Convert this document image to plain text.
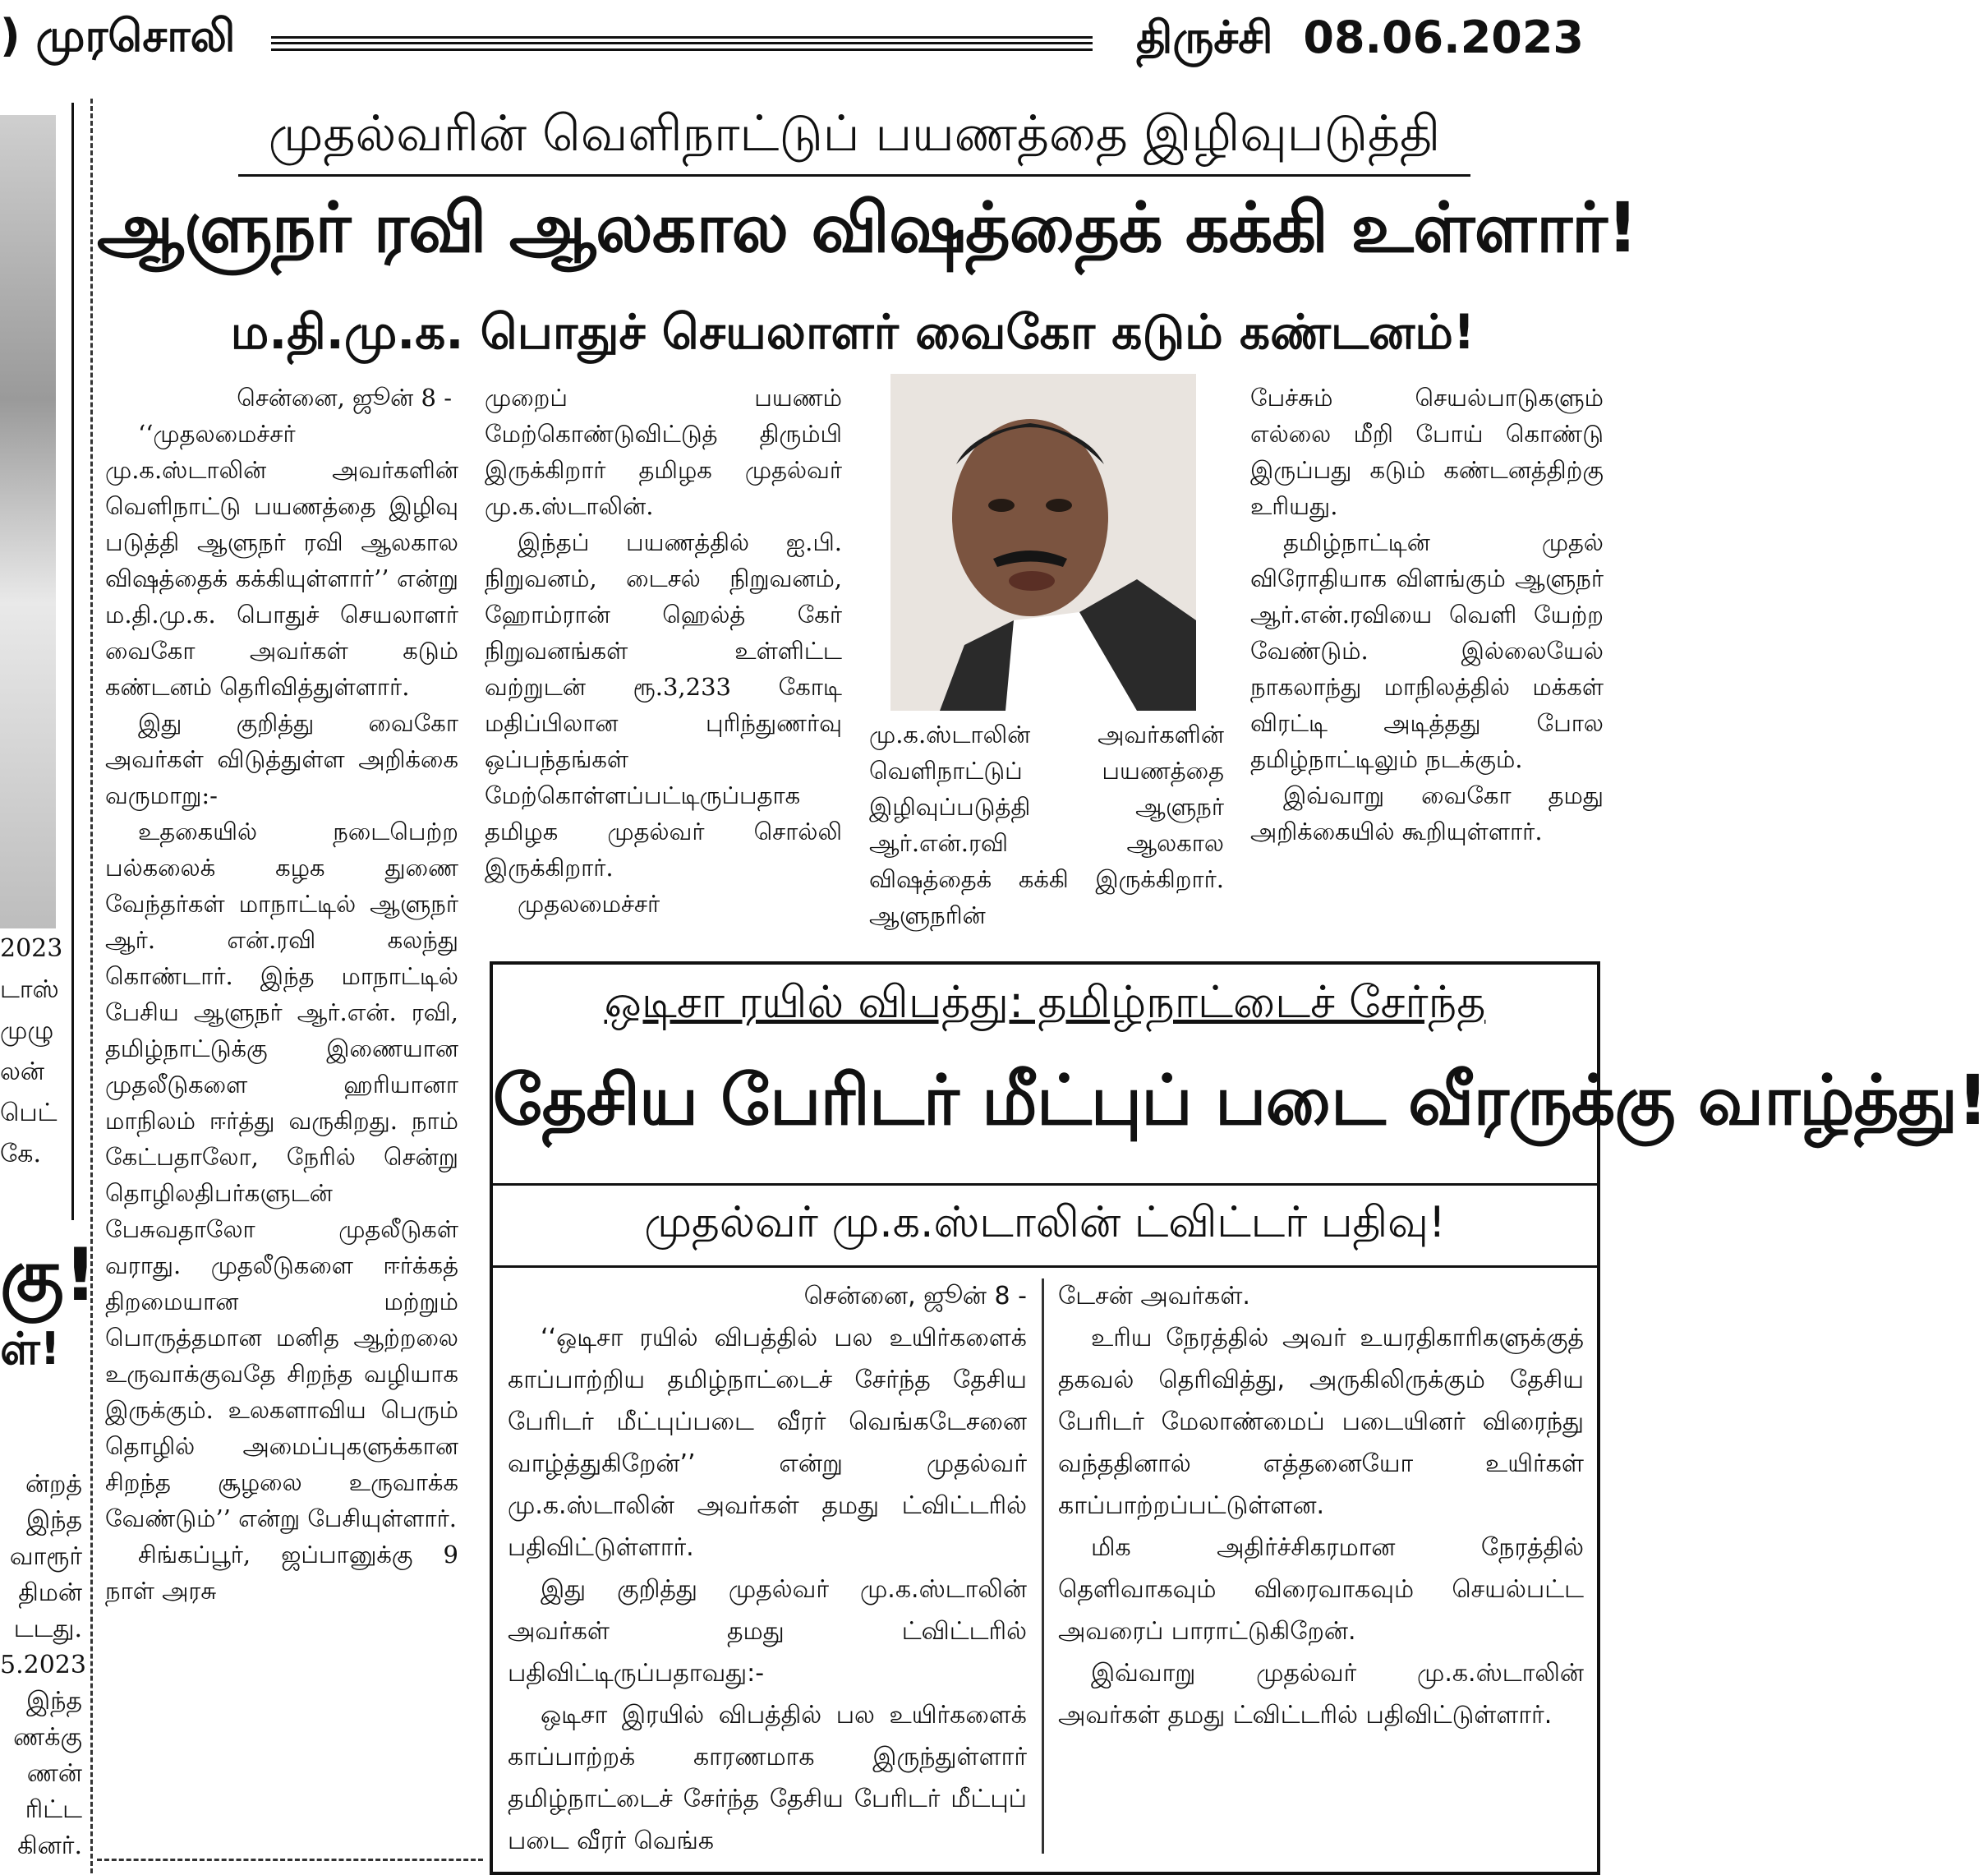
) முரசொலி	திருச்சி 08.06.2023
2023
டாஸ்
முழு
லன்
பெட்
கே.
கு!
ள்!
ன்றத்
இந்த
வாரூர்
திமன்
டடது.
5.2023
இந்த
ணக்கு
ணன்
ரிட்ட
கினர்.
முதல்வரின் வெளிநாட்டுப் பயணத்தை இழிவுபடுத்தி
ஆளுநர் ரவி ஆலகால விஷத்தைக் கக்கி உள்ளார்!
ம.தி.மு.க. பொதுச் செயலாளர் வைகோ கடும் கண்டனம்!

சென்னை, ஜூன் 8 -

‘‘முதலமைச்சர் மு.க.ஸ்டாலின் அவர்களின் வெளிநாட்டு பயணத்தை இழிவு படுத்தி ஆளுநர் ரவி ஆலகால விஷத்தைக் கக்கியுள்ளார்’’ என்று ம.தி.மு.க. பொதுச் செயலாளர் வைகோ அவர்கள் கடும் கண்டனம் தெரிவித்துள்ளார்.

இது குறித்து வைகோ அவர்கள் விடுத்துள்ள அறிக்கை வருமாறு:-

உதகையில் நடைபெற்ற பல்கலைக் கழக துணை வேந்தர்கள் மாநாட்டில் ஆளுநர் ஆர். என்.ரவி கலந்து கொண்டார். இந்த மாநாட்டில் பேசிய ஆளுநர் ஆர்.என். ரவி, தமிழ்நாட்டுக்கு இணையான முதலீடுகளை ஹரியானா மாநிலம் ஈர்த்து வருகிறது. நாம் கேட்பதாலோ, நேரில் சென்று தொழிலதிபர்களுடன் பேசுவதாலோ முதலீடுகள் வராது. முதலீடுகளை ஈர்க்கத் திறமையான மற்றும் பொருத்தமான மனித ஆற்றலை உருவாக்குவதே சிறந்த வழியாக இருக்கும். உலகளாவிய பெரும் தொழில் அமைப்புகளுக்கான சிறந்த சூழலை உருவாக்க வேண்டும்’’ என்று பேசியுள்ளார்.

சிங்கப்பூர், ஜப்பானுக்கு 9 நாள் அரசு

முறைப் பயணம் மேற்கொண்டுவிட்டுத் திரும்பி இருக்கிறார் தமிழக முதல்வர் மு.க.ஸ்டாலின்.

இந்தப் பயணத்தில் ஐ.பி. நிறுவனம், டைசல் நிறுவனம், ஹோம்ரான் ஹெல்த் கேர் நிறுவனங்கள் உள்ளிட்ட வற்றுடன் ரூ.3,233 கோடி மதிப்பிலான புரிந்துணர்வு ஒப்பந்தங்கள் மேற்கொள்ளப்பட்டிருப்பதாக தமிழக முதல்வர் சொல்லி இருக்கிறார்.

முதலமைச்சர்

மு.க.ஸ்டாலின் அவர்களின் வெளிநாட்டுப் பயணத்தை இழிவுப்படுத்தி ஆளுநர் ஆர்.என்.ரவி ஆலகால விஷத்தைக் கக்கி இருக்கிறார். ஆளுநரின்

பேச்சும் செயல்பாடுகளும் எல்லை மீறி போய் கொண்டு இருப்பது கடும் கண்டனத்திற்கு உரியது.

தமிழ்நாட்டின் முதல் விரோதியாக விளங்கும் ஆளுநர் ஆர்.என்.ரவியை வெளி யேற்ற வேண்டும். இல்லையேல் நாகலாந்து மாநிலத்தில் மக்கள் விரட்டி அடித்தது போல தமிழ்நாட்டிலும் நடக்கும்.

இவ்வாறு வைகோ தமது அறிக்கையில் கூறியுள்ளார்.

ஒடிசா ரயில் விபத்து: தமிழ்நாட்டைச் சேர்ந்த
தேசிய பேரிடர் மீட்புப் படை வீரருக்கு வாழ்த்து!
முதல்வர் மு.க.ஸ்டாலின் ட்விட்டர் பதிவு!

சென்னை, ஜூன் 8 -

‘‘ஒடிசா ரயில் விபத்தில் பல உயிர்களைக் காப்பாற்றிய தமிழ்நாட்டைச் சேர்ந்த தேசிய பேரிடர் மீட்புப்படை வீரர் வெங்கடேசனை வாழ்த்துகிறேன்’’ என்று முதல்வர் மு.க.ஸ்டாலின் அவர்கள் தமது ட்விட்டரில் பதிவிட்டுள்ளார்.

இது குறித்து முதல்வர் மு.க.ஸ்டாலின் அவர்கள் தமது ட்விட்டரில் பதிவிட்டிருப்பதாவது:-

ஒடிசா இரயில் விபத்தில் பல உயிர்களைக் காப்பாற்றக் காரணமாக இருந்துள்ளார் தமிழ்நாட்டைச் சேர்ந்த தேசிய பேரிடர் மீட்புப் படை வீரர் வெங்க

டேசன் அவர்கள்.

உரிய நேரத்தில் அவர் உயரதிகாரிகளுக்குத் தகவல் தெரிவித்து, அருகிலிருக்கும் தேசிய பேரிடர் மேலாண்மைப் படையினர் விரைந்து வந்ததினால் எத்தனையோ உயிர்கள் காப்பாற்றப்பட்டுள்ளன.

மிக அதிர்ச்சிகரமான நேரத்தில் தெளிவாகவும் விரைவாகவும் செயல்பட்ட அவரைப் பாராட்டுகிறேன்.

இவ்வாறு முதல்வர் மு.க.ஸ்டாலின் அவர்கள் தமது ட்விட்டரில் பதிவிட்டுள்ளார்.
